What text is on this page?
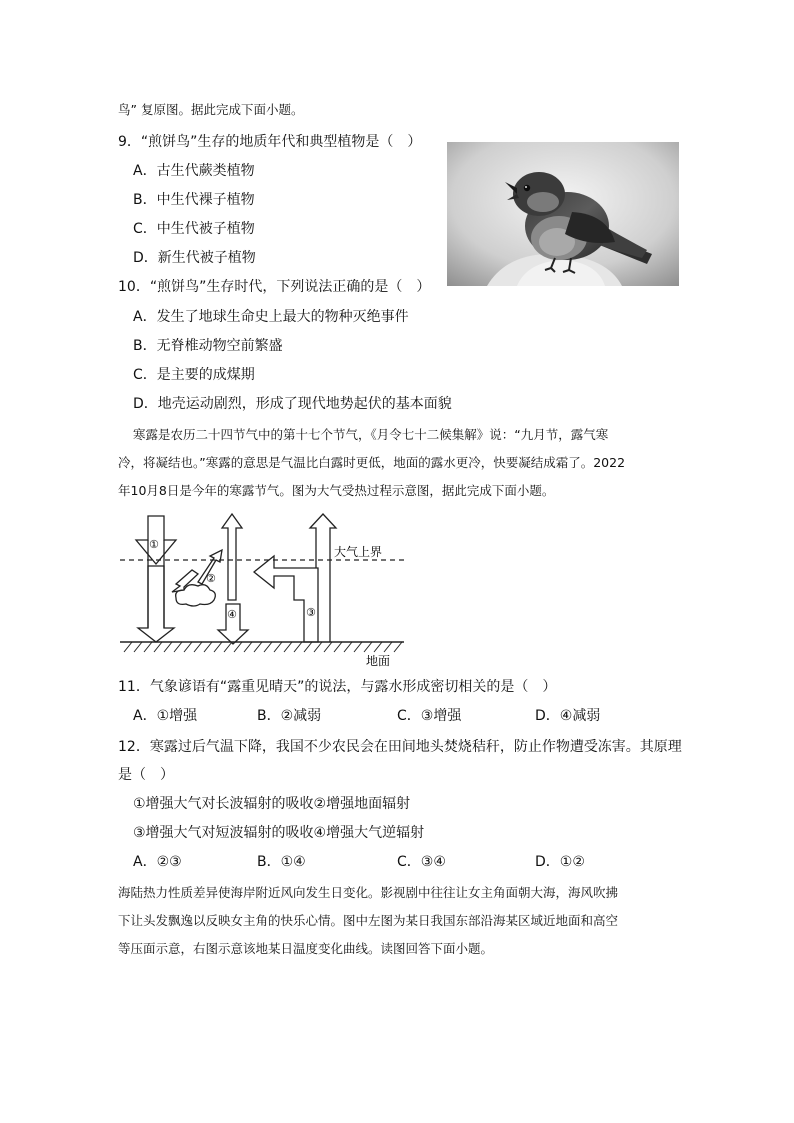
鸟” 复原图。据此完成下面小题。
9．“煎饼鸟”生存的地质年代和典型植物是（　）
A．古生代蕨类植物
B．中生代裸子植物
C．中生代被子植物
D．新生代被子植物
10．“煎饼鸟”生存时代，下列说法正确的是（　）
A．发生了地球生命史上最大的物种灭绝事件
B．无脊椎动物空前繁盛
C．是主要的成煤期
D．地壳运动剧烈，形成了现代地势起伏的基本面貌
寒露是农历二十四节气中的第十七个节气，《月令七十二候集解》说：“九月节，露气寒
冷，将凝结也。”寒露的意思是气温比白露时更低，地面的露水更冷，快要凝结成霜了。2022
年10月8日是今年的寒露节气。图为大气受热过程示意图，据此完成下面小题。
①
②
④	③
大气上界
地面
11．气象谚语有“露重见晴天”的说法，与露水形成密切相关的是（　）
A．①增强	B．②减弱	C．③增强	D．④减弱
12．寒露过后气温下降，我国不少农民会在田间地头焚烧秸秆，防止作物遭受冻害。其原理
是（　）
①增强大气对长波辐射的吸收②增强地面辐射
③增强大气对短波辐射的吸收④增强大气逆辐射
A．②③	B．①④	C．③④	D．①②
海陆热力性质差异使海岸附近风向发生日变化。影视剧中往往让女主角面朝大海，海风吹拂
下让头发飘逸以反映女主角的快乐心情。图中左图为某日我国东部沿海某区域近地面和高空
等压面示意，右图示意该地某日温度变化曲线。读图回答下面小题。
